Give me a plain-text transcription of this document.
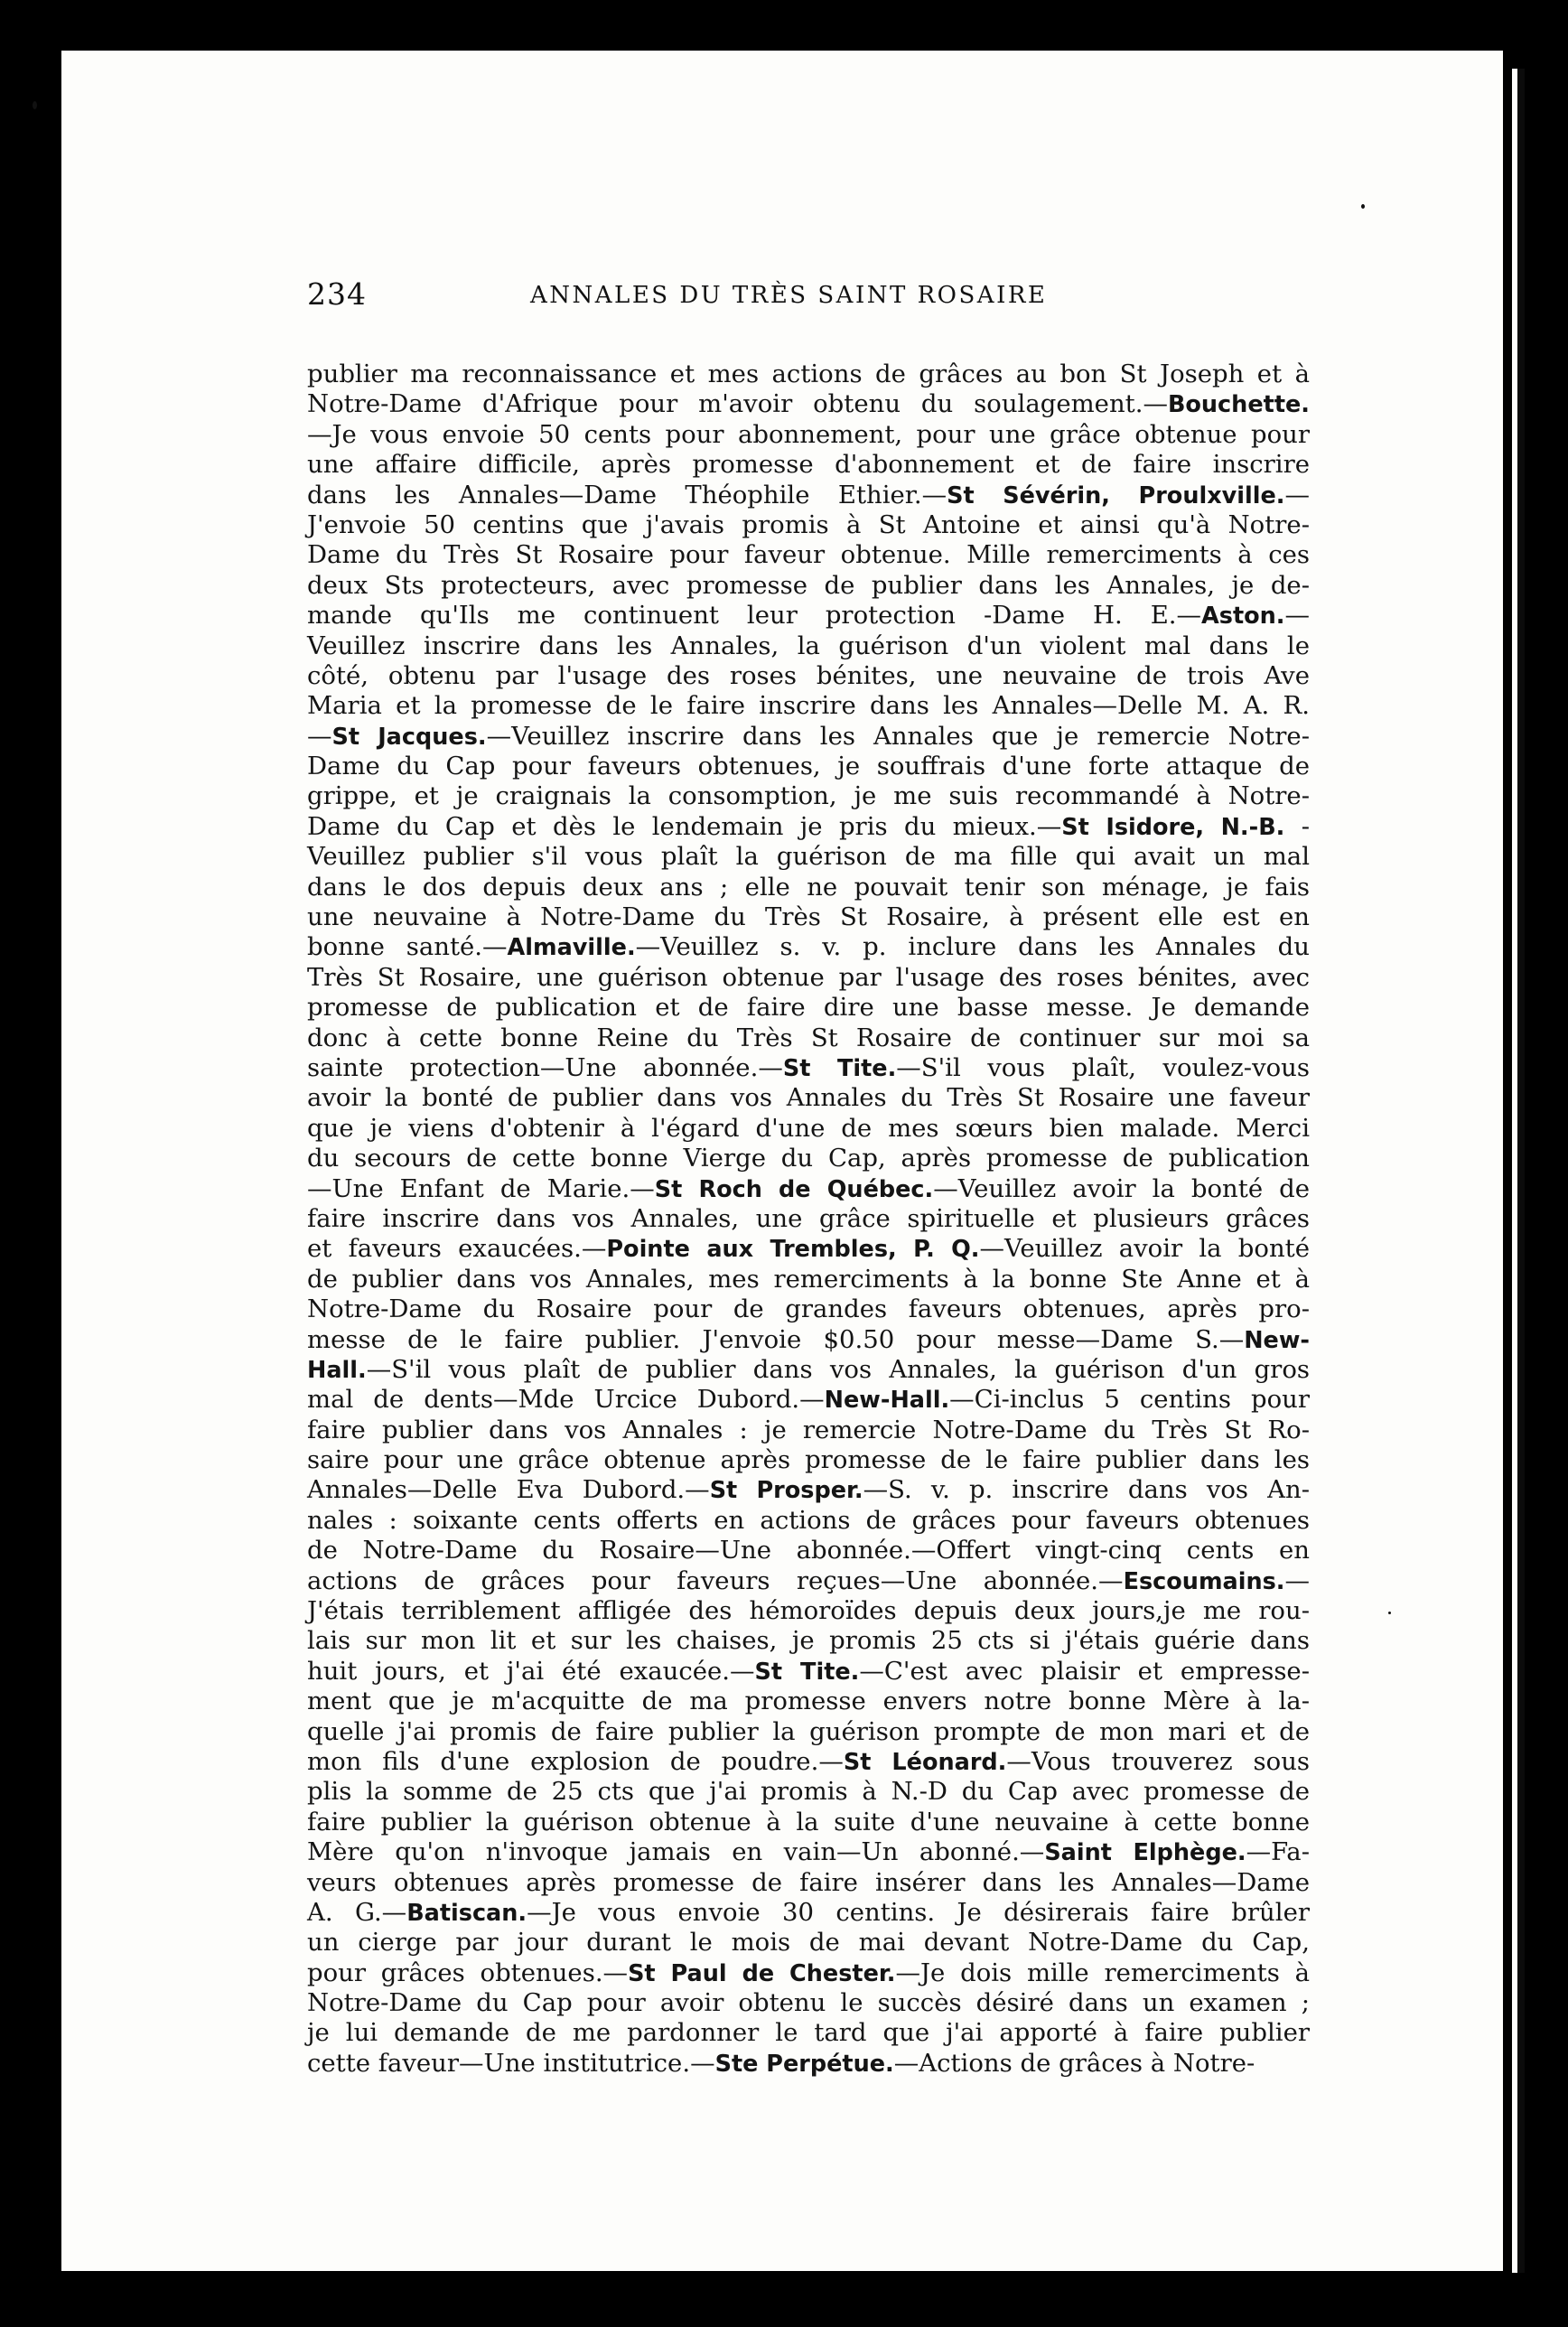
234	ANNALES DU TRÈS SAINT ROSAIRE
publier ma reconnaissance et mes actions de grâces au bon St Joseph et à
Notre-Dame d'Afrique pour m'avoir obtenu du soulagement.—Bouchette.
—Je vous envoie 50 cents pour abonnement, pour une grâce obtenue pour
une affaire difficile, après promesse d'abonnement et de faire inscrire
dans les Annales—Dame Théophile Ethier.—St Sévérin, Proulxville.—
J'envoie 50 centins que j'avais promis à St Antoine et ainsi qu'à Notre-
Dame du Très St Rosaire pour faveur obtenue. Mille remerciments à ces
deux Sts protecteurs, avec promesse de publier dans les Annales, je de-
mande qu'Ils me continuent leur protection -Dame H. E.—Aston.—
Veuillez inscrire dans les Annales, la guérison d'un violent mal dans le
côté, obtenu par l'usage des roses bénites, une neuvaine de trois Ave
Maria et la promesse de le faire inscrire dans les Annales—Delle M. A. R.
—St Jacques.—Veuillez inscrire dans les Annales que je remercie Notre-
Dame du Cap pour faveurs obtenues, je souffrais d'une forte attaque de
grippe, et je craignais la consomption, je me suis recommandé à Notre-
Dame du Cap et dès le lendemain je pris du mieux.—St Isidore, N.-B. -
Veuillez publier s'il vous plaît la guérison de ma fille qui avait un mal
dans le dos depuis deux ans ; elle ne pouvait tenir son ménage, je fais
une neuvaine à Notre-Dame du Très St Rosaire, à présent elle est en
bonne santé.—Almaville.—Veuillez s. v. p. inclure dans les Annales du
Très St Rosaire, une guérison obtenue par l'usage des roses bénites, avec
promesse de publication et de faire dire une basse messe. Je demande
donc à cette bonne Reine du Très St Rosaire de continuer sur moi sa
sainte protection—Une abonnée.—St Tite.—S'il vous plaît, voulez-vous
avoir la bonté de publier dans vos Annales du Très St Rosaire une faveur
que je viens d'obtenir à l'égard d'une de mes sœurs bien malade. Merci
du secours de cette bonne Vierge du Cap, après promesse de publication
—Une Enfant de Marie.—St Roch de Québec.—Veuillez avoir la bonté de
faire inscrire dans vos Annales, une grâce spirituelle et plusieurs grâces
et faveurs exaucées.—Pointe aux Trembles, P. Q.—Veuillez avoir la bonté
de publier dans vos Annales, mes remerciments à la bonne Ste Anne et à
Notre-Dame du Rosaire pour de grandes faveurs obtenues, après pro-
messe de le faire publier. J'envoie $0.50 pour messe—Dame S.—New-
Hall.—S'il vous plaît de publier dans vos Annales, la guérison d'un gros
mal de dents—Mde Urcice Dubord.—New-Hall.—Ci-inclus 5 centins pour
faire publier dans vos Annales : je remercie Notre-Dame du Très St Ro-
saire pour une grâce obtenue après promesse de le faire publier dans les
Annales—Delle Eva Dubord.—St Prosper.—S. v. p. inscrire dans vos An-
nales : soixante cents offerts en actions de grâces pour faveurs obtenues
de Notre-Dame du Rosaire—Une abonnée.—Offert vingt-cinq cents en
actions de grâces pour faveurs reçues—Une abonnée.—Escoumains.—
J'étais terriblement affligée des hémoroïdes depuis deux jours,je me rou-
lais sur mon lit et sur les chaises, je promis 25 cts si j'étais guérie dans
huit jours, et j'ai été exaucée.—St Tite.—C'est avec plaisir et empresse-
ment que je m'acquitte de ma promesse envers notre bonne Mère à la-
quelle j'ai promis de faire publier la guérison prompte de mon mari et de
mon fils d'une explosion de poudre.—St Léonard.—Vous trouverez sous
plis la somme de 25 cts que j'ai promis à N.-D du Cap avec promesse de
faire publier la guérison obtenue à la suite d'une neuvaine à cette bonne
Mère qu'on n'invoque jamais en vain—Un abonné.—Saint Elphège.—Fa-
veurs obtenues après promesse de faire insérer dans les Annales—Dame
A. G.—Batiscan.—Je vous envoie 30 centins. Je désirerais faire brûler
un cierge par jour durant le mois de mai devant Notre-Dame du Cap,
pour grâces obtenues.—St Paul de Chester.—Je dois mille remerciments à
Notre-Dame du Cap pour avoir obtenu le succès désiré dans un examen ;
je lui demande de me pardonner le tard que j'ai apporté à faire publier
cette faveur—Une institutrice.—Ste Perpétue.—Actions de grâces à Notre-
